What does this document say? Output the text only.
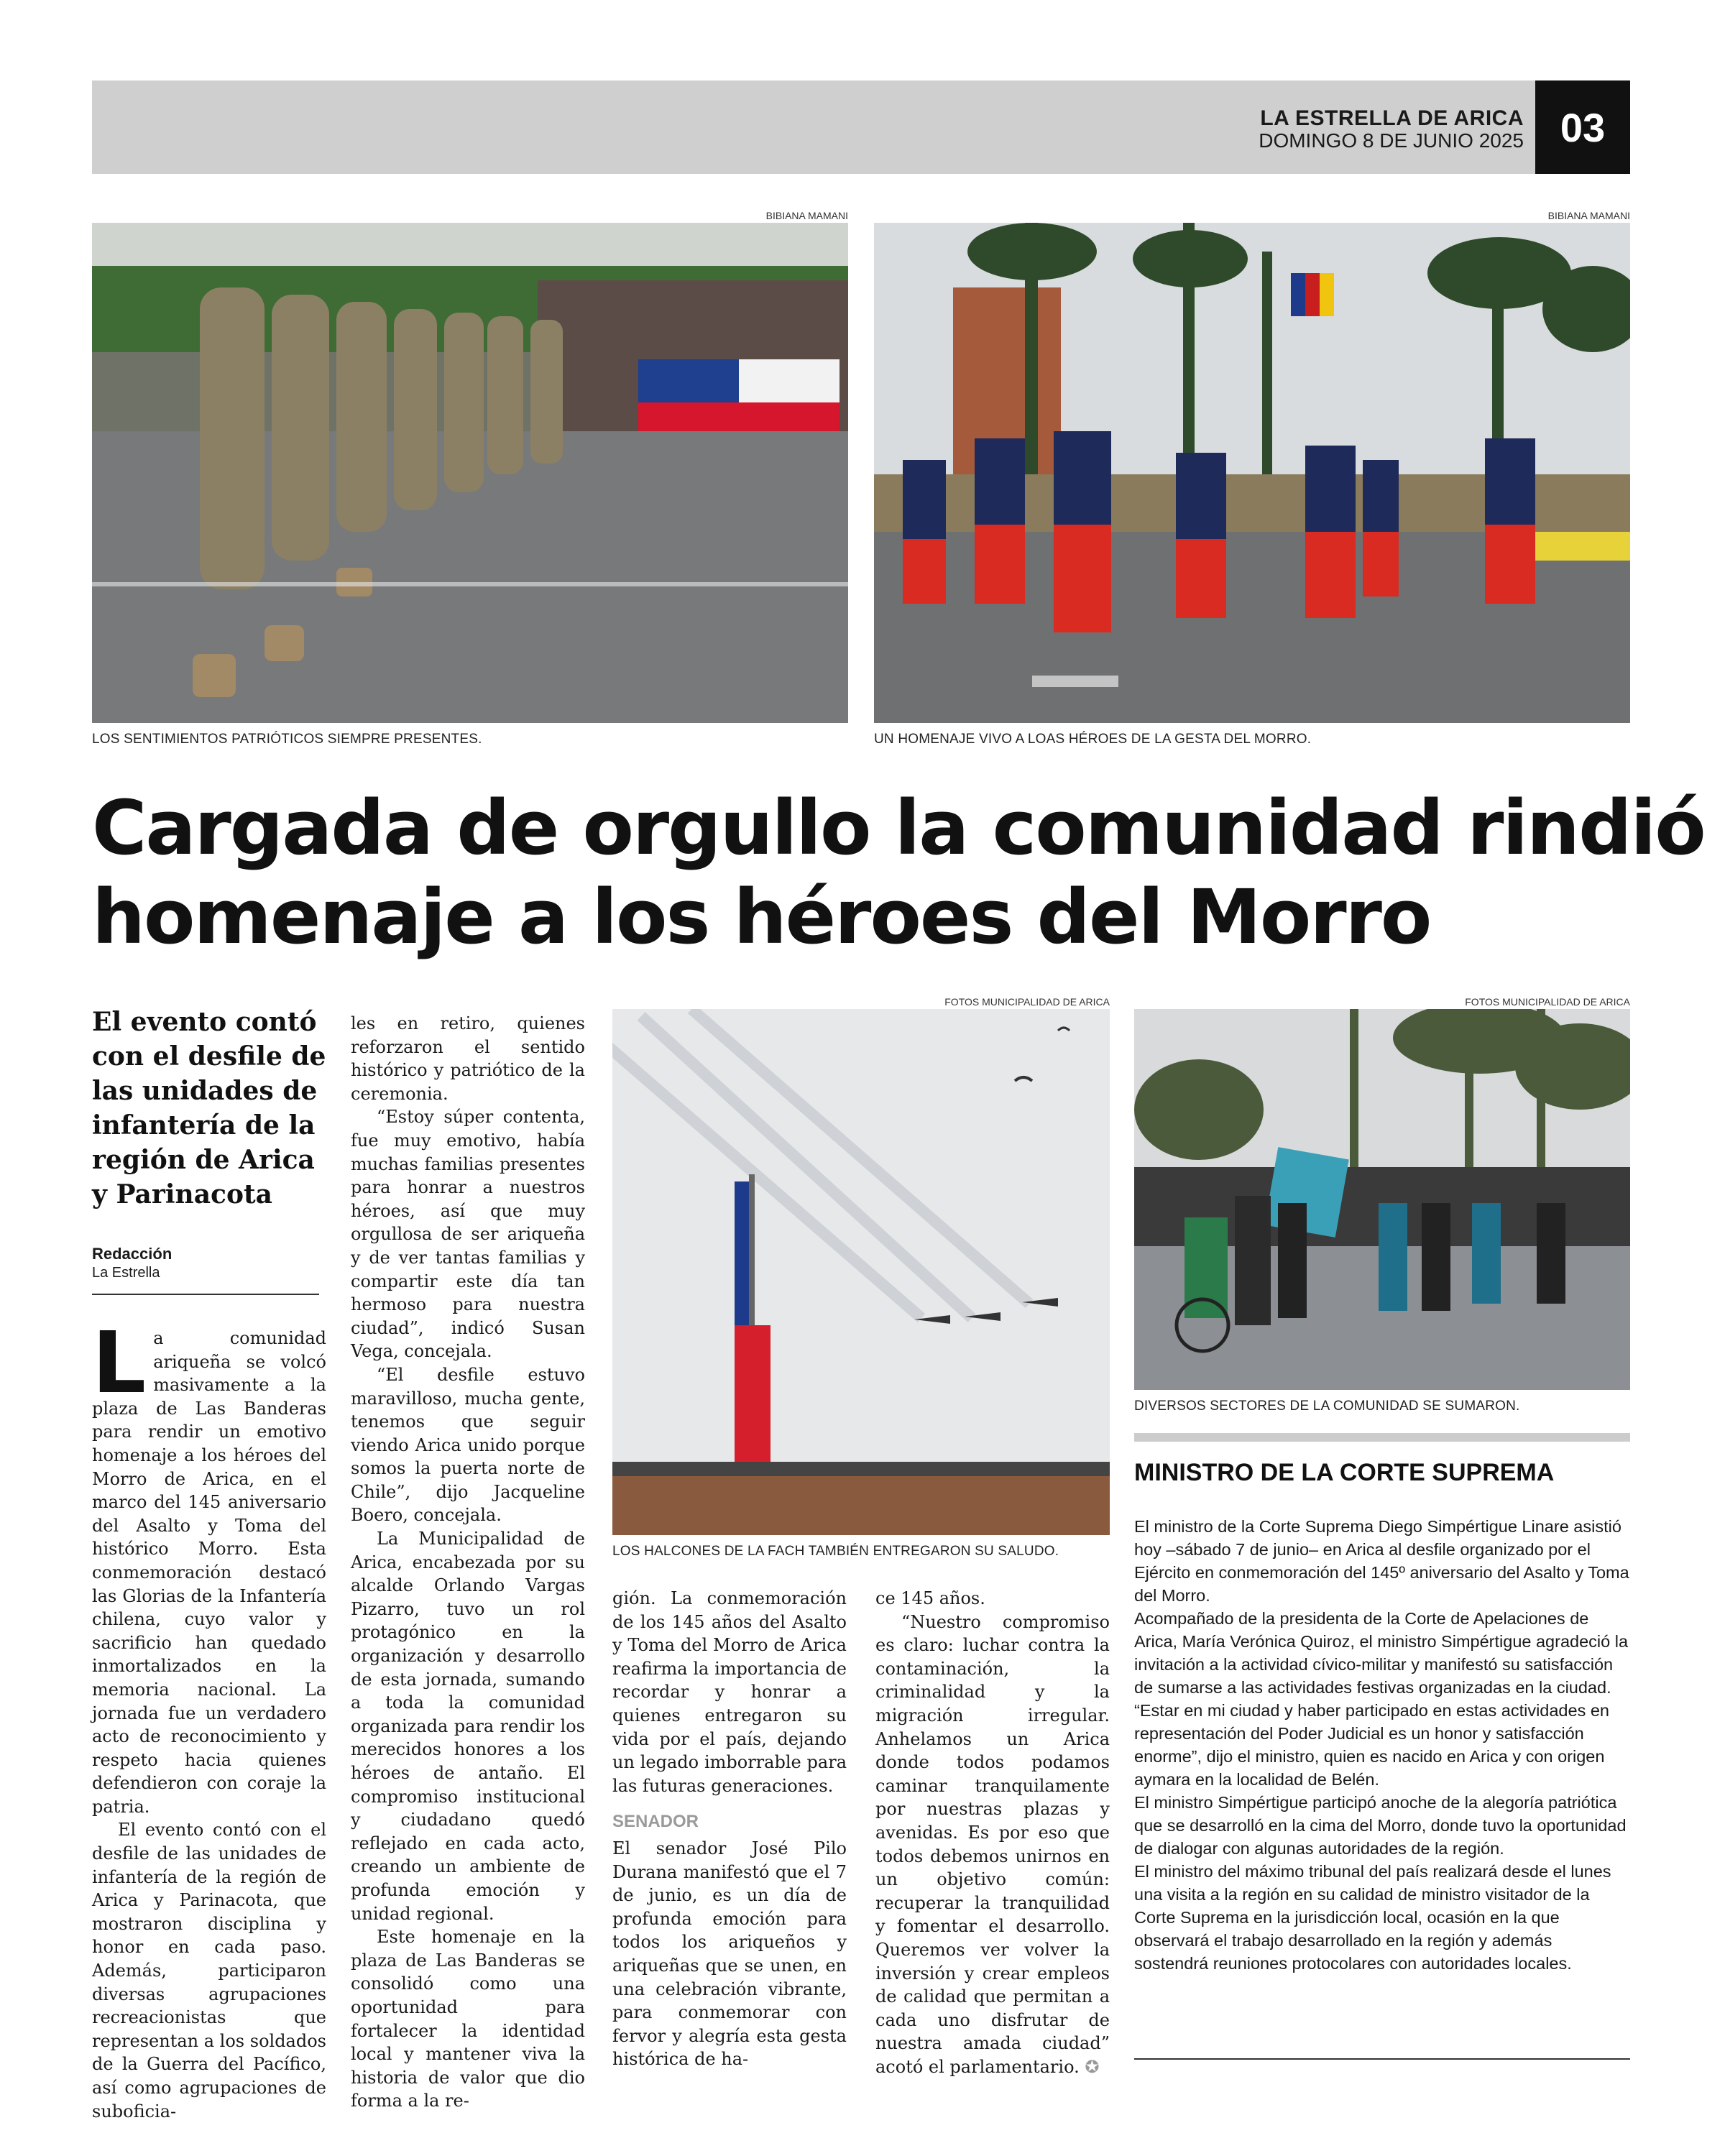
LA ESTRELLA DE ARICA
DOMINGO 8 DE JUNIO 2025 03
BIBIANA MAMANI
LOS SENTIMIENTOS PATRIÓTICOS SIEMPRE PRESENTES.
BIBIANA MAMANI
UN HOMENAJE VIVO A LOAS HÉROES DE LA GESTA DEL MORRO.
Cargada de orgullo la comunidad rindió
homenaje a los héroes del Morro
El evento contó con el desfile de las unidades de infantería de la región de Arica y Parinacota
Redacción
La Estrella

La comunidad ariqueña se volcó masivamente a la plaza de Las Banderas para rendir un emotivo homenaje a los héroes del Morro de Arica, en el marco del 145 aniversario del Asalto y Toma del histórico Morro. Esta conmemoración destacó las Glorias de la Infantería chilena, cuyo valor y sacrificio han quedado inmortalizados en la memoria nacional. La jornada fue un verdadero acto de reconocimiento y respeto hacia quienes defendieron con coraje la patria.

El evento contó con el desfile de las unidades de infantería de la región de Arica y Parinacota, que mostraron disciplina y honor en cada paso. Además, participaron diversas agrupaciones recreacionistas que representan a los soldados de la Guerra del Pacífico, así como agrupaciones de suboficia-

les en retiro, quienes reforzaron el sentido histórico y patriótico de la ceremonia.

“Estoy súper contenta, fue muy emotivo, había muchas familias presentes para honrar a nuestros héroes, así que muy orgullosa de ser ariqueña y de ver tantas familias y compartir este día tan hermoso para nuestra ciudad”, indicó Susan Vega, concejala.

“El desfile estuvo maravilloso, mucha gente, tenemos que seguir viendo Arica unido porque somos la puerta norte de Chile”, dijo Jacqueline Boero, concejala.

La Municipalidad de Arica, encabezada por su alcalde Orlando Vargas Pizarro, tuvo un rol protagónico en la organización y desarrollo de esta jornada, sumando a toda la comunidad organizada para rendir los merecidos honores a los héroes de antaño. El compromiso institucional y ciudadano quedó reflejado en cada acto, creando un ambiente de profunda emoción y unidad regional.

Este homenaje en la plaza de Las Banderas se consolidó como una oportunidad para fortalecer la identidad local y mantener viva la historia de valor que dio forma a la re-

FOTOS MUNICIPALIDAD DE ARICA
LOS HALCONES DE LA FACH TAMBIÉN ENTREGARON SU SALUDO.

gión. La conmemoración de los 145 años del Asalto y Toma del Morro de Arica reafirma la importancia de recordar y honrar a quienes entregaron su vida por el país, dejando un legado imborrable para las futuras generaciones.

SENADOR

El senador José Pilo Durana manifestó que el 7 de junio, es un día de profunda emoción para todos los ariqueños y ariqueñas que se unen, en una celebración vibrante, para conmemorar con fervor y alegría esta gesta histórica de ha-

ce 145 años.

“Nuestro compromiso es claro: luchar contra la contaminación, la criminalidad y la migración irregular. Anhelamos un Arica donde todos podamos caminar tranquilamente por nuestras plazas y avenidas. Es por eso que todos debemos unirnos en un objetivo común: recuperar la tranquilidad y fomentar el desarrollo. Queremos ver volver la inversión y crear empleos de calidad que permitan a cada uno disfrutar de nuestra amada ciudad” acotó el parlamentario. ✪

FOTOS MUNICIPALIDAD DE ARICA
DIVERSOS SECTORES DE LA COMUNIDAD SE SUMARON.
MINISTRO DE LA CORTE SUPREMA

El ministro de la Corte Suprema Diego Simpértigue Linare asistió hoy –sábado 7 de junio– en Arica al desfile organizado por el Ejército en conmemoración del 145º aniversario del Asalto y Toma del Morro.

Acompañado de la presidenta de la Corte de Apelaciones de Arica, María Verónica Quiroz, el ministro Simpértigue agradeció la invitación a la actividad cívico-militar y manifestó su satisfacción de sumarse a las actividades festivas organizadas en la ciudad.

“Estar en mi ciudad y haber participado en estas actividades en representación del Poder Judicial es un honor y satisfacción enorme”, dijo el ministro, quien es nacido en Arica y con origen aymara en la localidad de Belén.

El ministro Simpértigue participó anoche de la alegoría patriótica que se desarrolló en la cima del Morro, donde tuvo la oportunidad de dialogar con algunas autoridades de la región.

El ministro del máximo tribunal del país realizará desde el lunes una visita a la región en su calidad de ministro visitador de la Corte Suprema en la jurisdicción local, ocasión en la que observará el trabajo desarrollado en la región y además sostendrá reuniones protocolares con autoridades locales.
